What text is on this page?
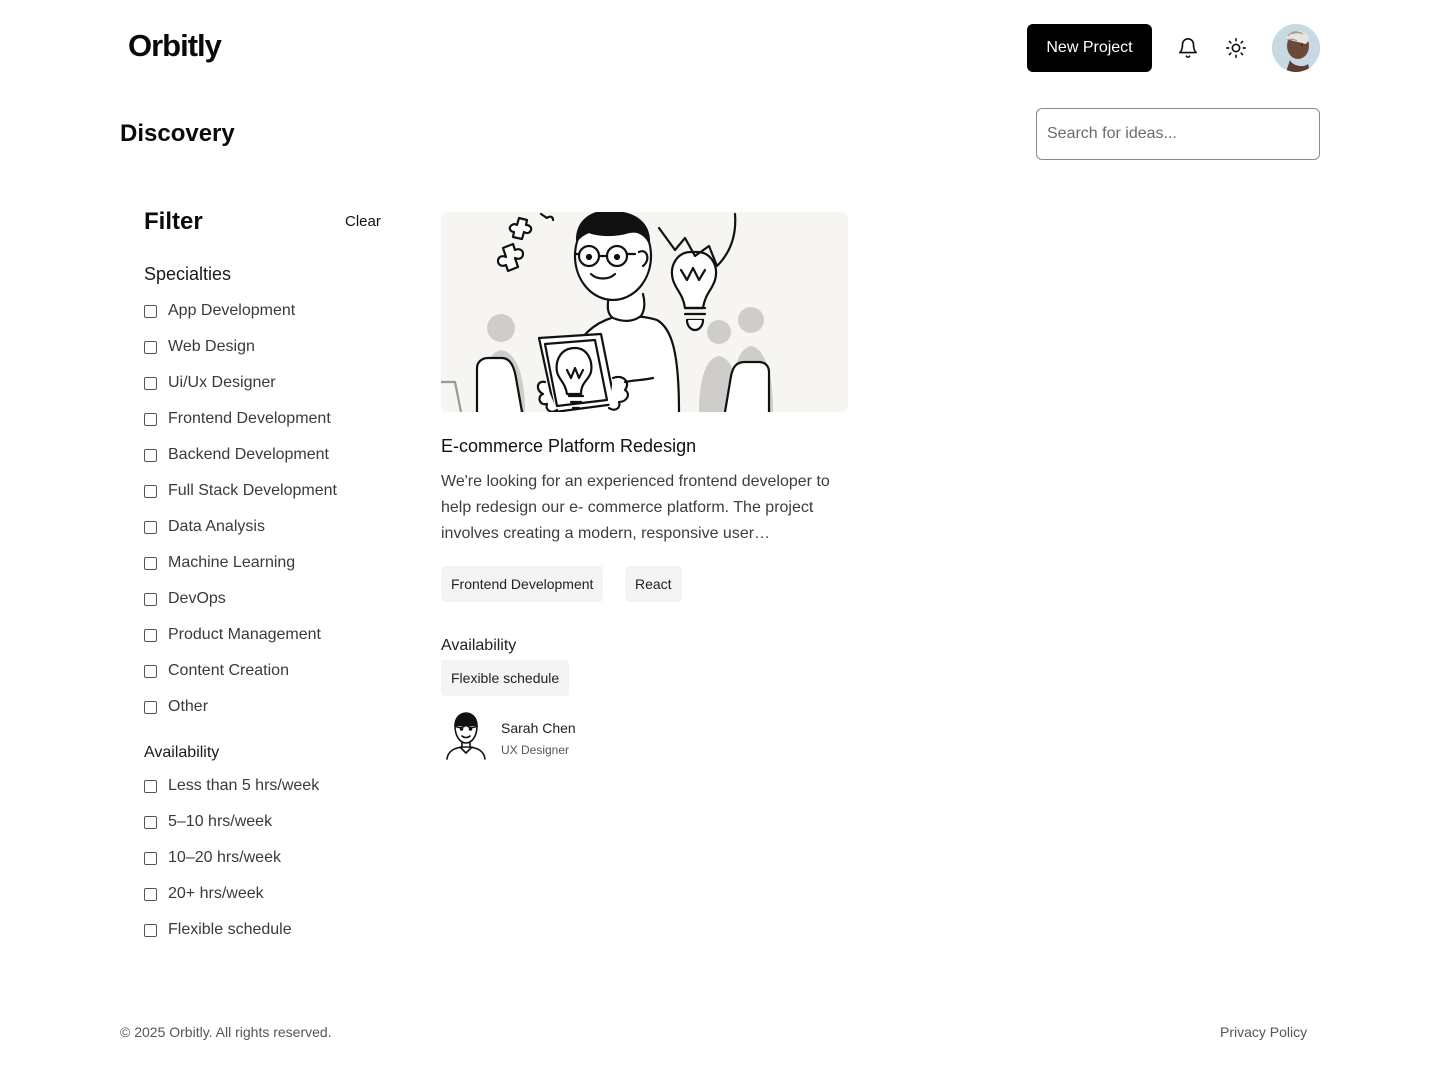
Orbitly	New Project
Discovery
Search for ideas...
Filter	Clear
Specialties
App Development
Web Design
Ui/Ux Designer
Frontend Development
Backend Development
Full Stack Development
Data Analysis
Machine Learning
DevOps
Product Management
Content Creation
Other
Availability
Less than 5 hrs/week
5–10 hrs/week
10–20 hrs/week
20+ hrs/week
Flexible schedule
E-commerce Platform Redesign
We're looking for an experienced frontend developer to help redesign our e- commerce platform. The project involves creating a modern, responsive user…
Frontend Development	React
Availability
Flexible schedule
Sarah Chen
UX Designer
© 2025 Orbitly. All rights reserved.	Privacy Policy
